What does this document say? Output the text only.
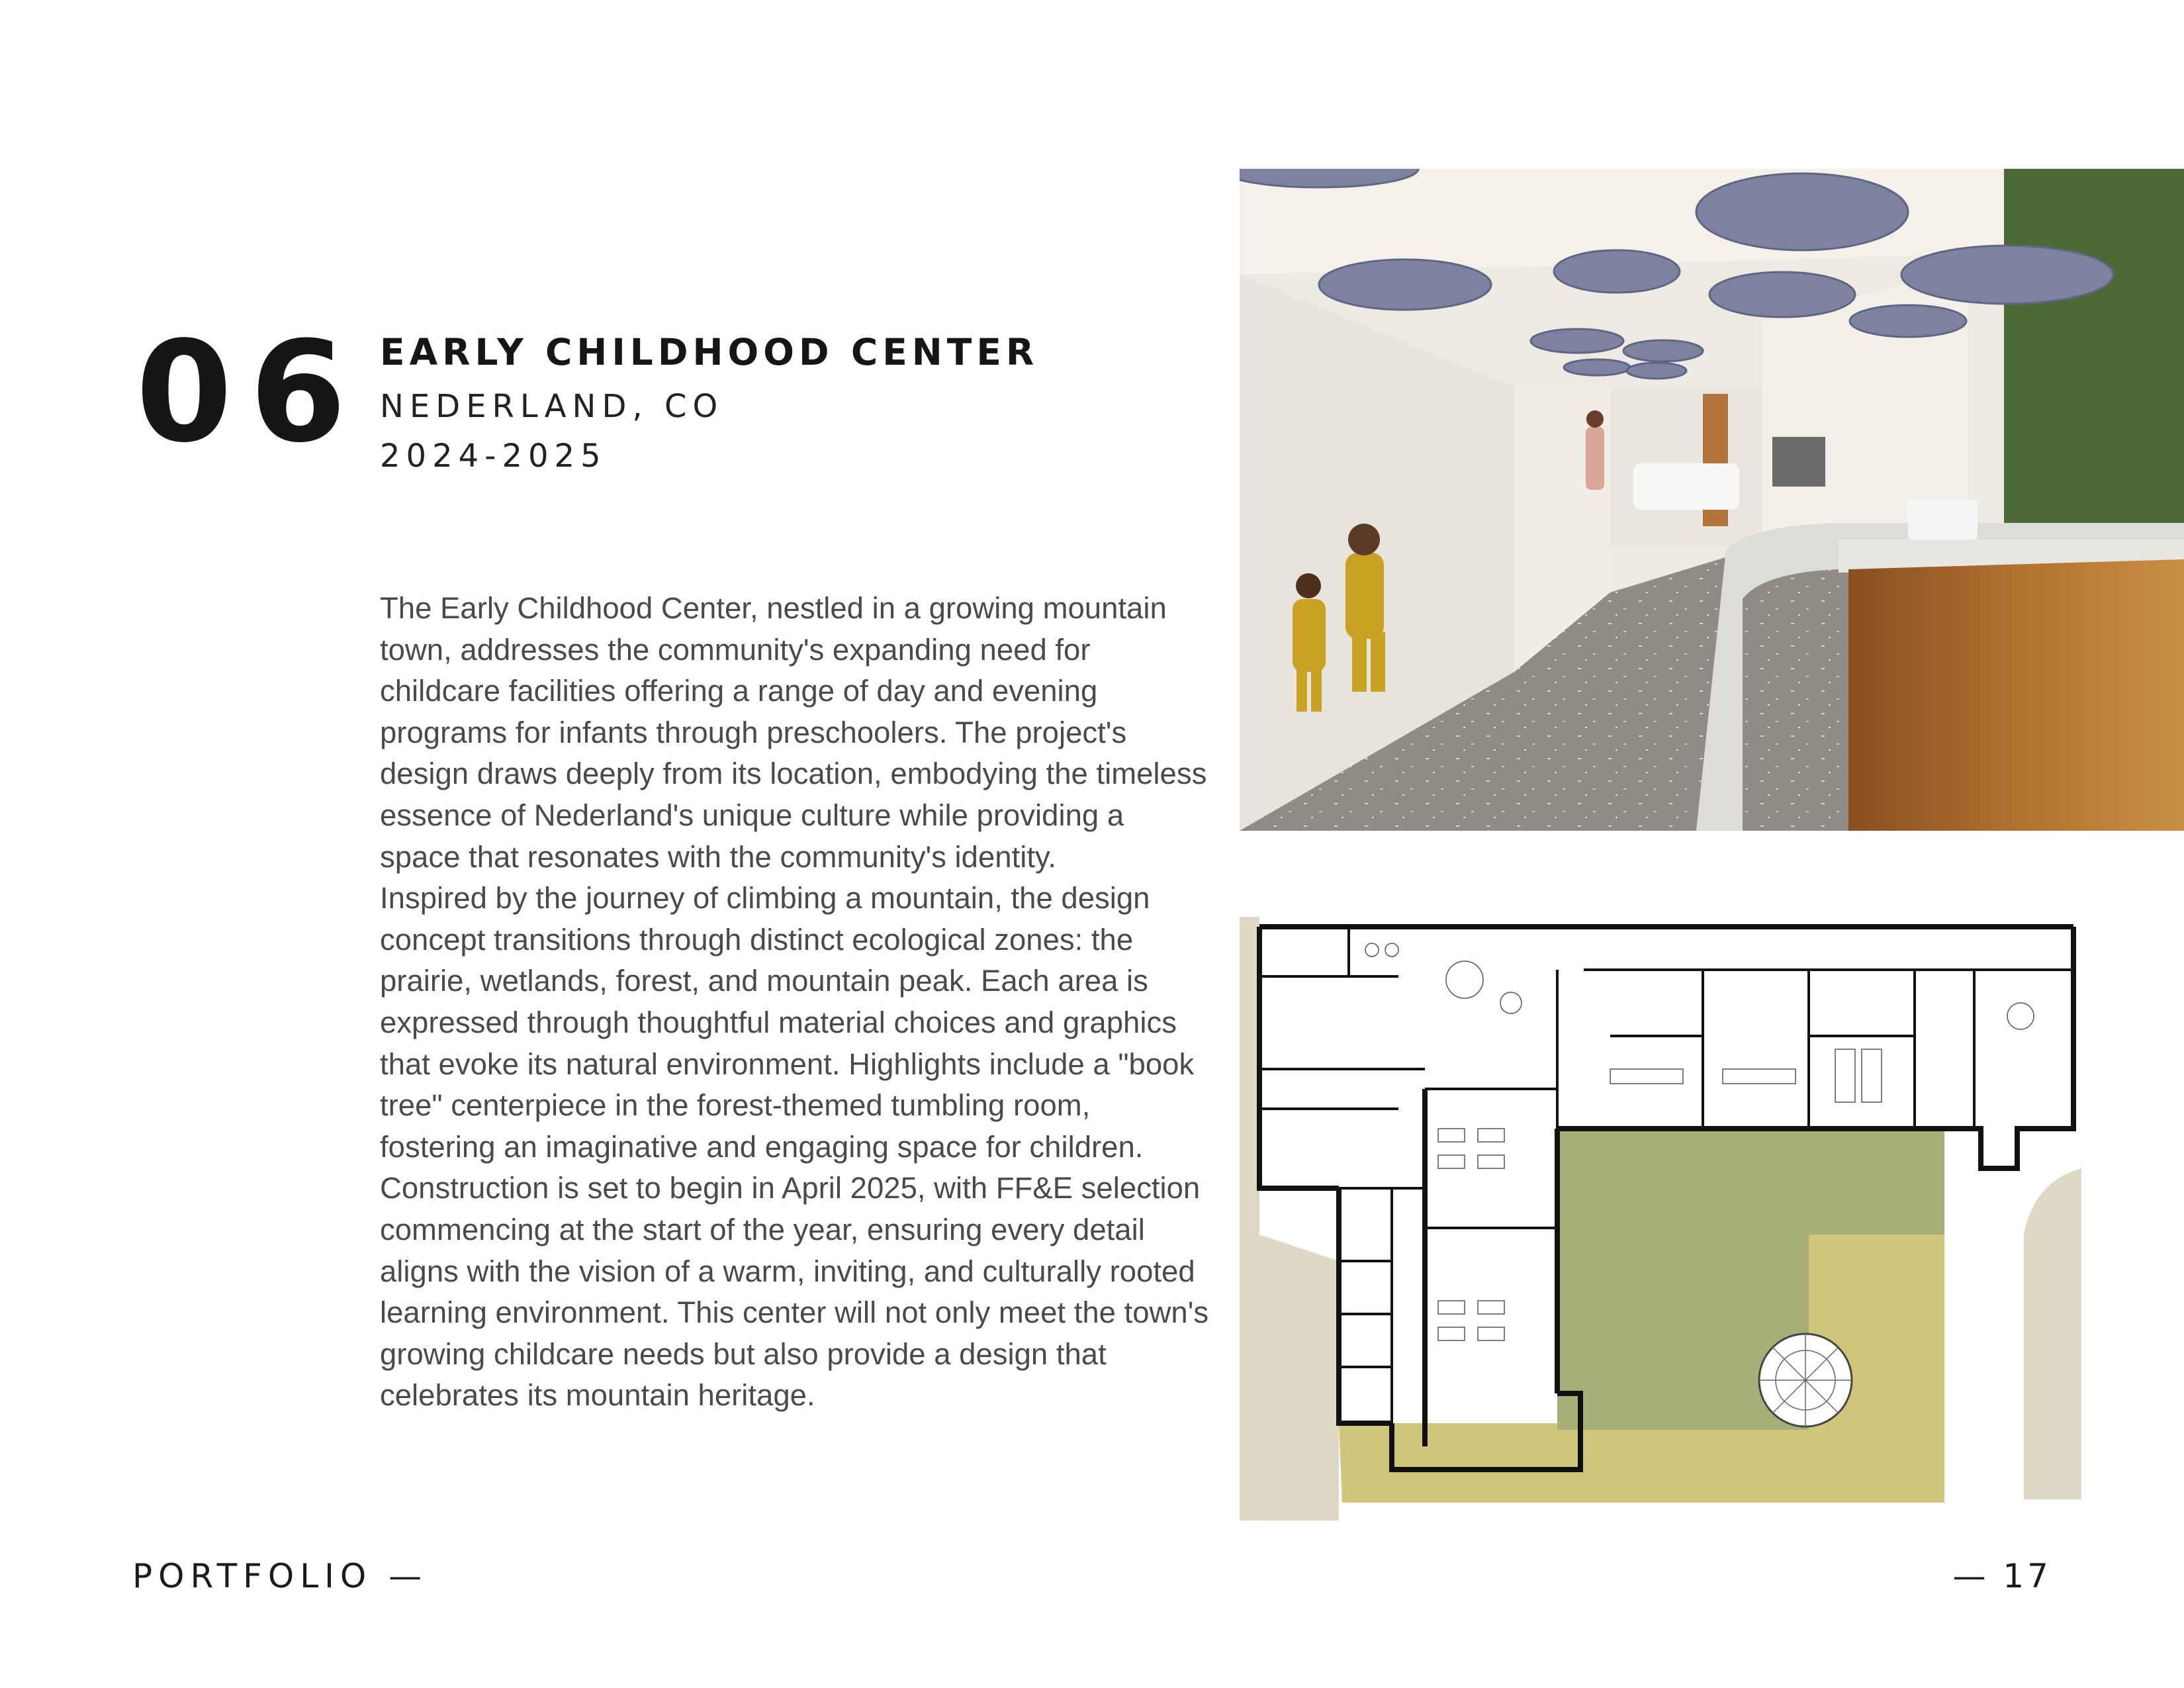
06 EARLY CHILDHOOD CENTER
NEDERLAND, CO
2024-2025

The Early Childhood Center, nestled in a growing mountain town, addresses the community's expanding need for childcare facilities offering a range of day and evening programs for infants through preschoolers. The project's design draws deeply from its location, embodying the timeless essence of Nederland's unique culture while providing a space that resonates with the community's identity.

Inspired by the journey of climbing a mountain, the design concept transitions through distinct ecological zones: the prairie, wetlands, forest, and mountain peak. Each area is expressed through thoughtful material choices and graphics that evoke its natural environment. Highlights include a "book tree" centerpiece in the forest-themed tumbling room, fostering an imaginative and engaging space for children.

Construction is set to begin in April 2025, with FF&E selection commencing at the start of the year, ensuring every detail aligns with the vision of a warm, inviting, and culturally rooted learning environment. This center will not only meet the town's growing childcare needs but also provide a design that celebrates its mountain heritage.

PORTFOLIO —	— 17
